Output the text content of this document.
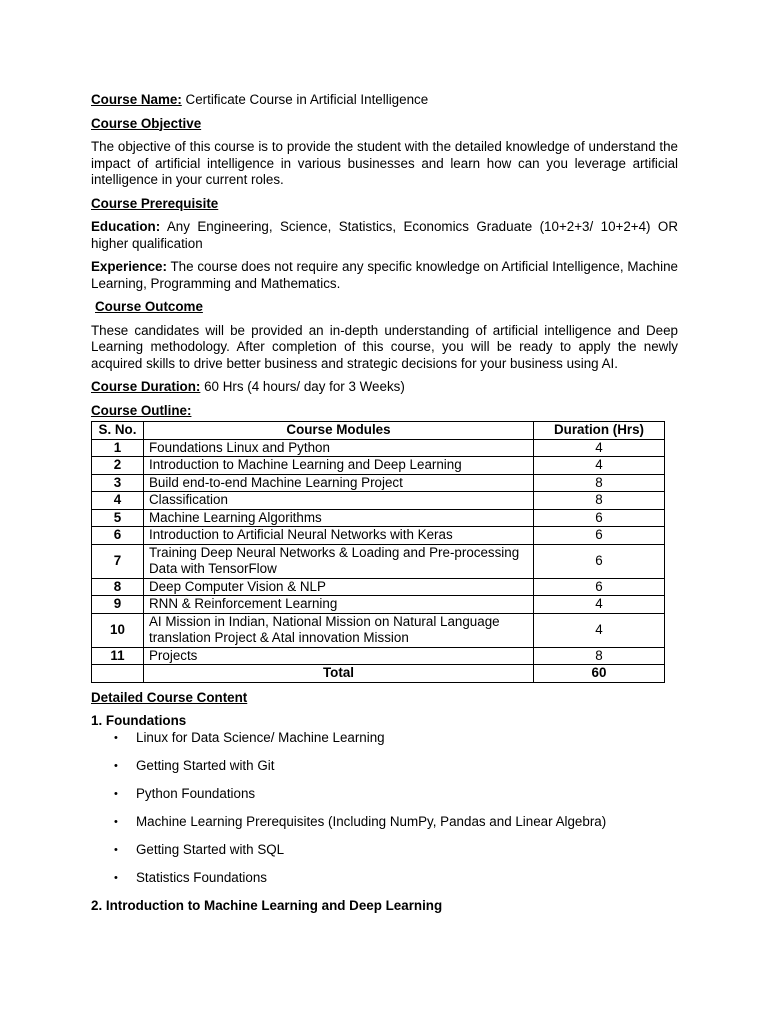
Course Name: Certificate Course in Artificial Intelligence

Course Objective

The objective of this course is to provide the student with the detailed knowledge of understand the impact of artificial intelligence in various businesses and learn how can you leverage artificial intelligence in your current roles.

Course Prerequisite

Education: Any Engineering, Science, Statistics, Economics Graduate (10+2+3/ 10+2+4) OR higher qualification

Experience: The course does not require any specific knowledge on Artificial Intelligence, Machine Learning, Programming and Mathematics.

Course Outcome

These candidates will be provided an in-depth understanding of artificial intelligence and Deep Learning methodology. After completion of this course, you will be ready to apply the newly acquired skills to drive better business and strategic decisions for your business using AI.

Course Duration: 60 Hrs (4 hours/ day for 3 Weeks)

Course Outline:

S. No.	Course Modules	Duration (Hrs)
1	Foundations Linux and Python	4
2	Introduction to Machine Learning and Deep Learning	4
3	Build end-to-end Machine Learning Project	8
4	Classification	8
5	Machine Learning Algorithms	6
6	Introduction to Artificial Neural Networks with Keras	6
7	Training Deep Neural Networks & Loading and Pre-processing Data with TensorFlow	6
8	Deep Computer Vision & NLP	6
9	RNN & Reinforcement Learning	4
10	AI Mission in Indian, National Mission on Natural Language translation Project & Atal innovation Mission	4
11	Projects	8
	Total	60

Detailed Course Content

1. Foundations

• Linux for Data Science/ Machine Learning
• Getting Started with Git
• Python Foundations
• Machine Learning Prerequisites (Including NumPy, Pandas and Linear Algebra)
• Getting Started with SQL
• Statistics Foundations

2. Introduction to Machine Learning and Deep Learning
